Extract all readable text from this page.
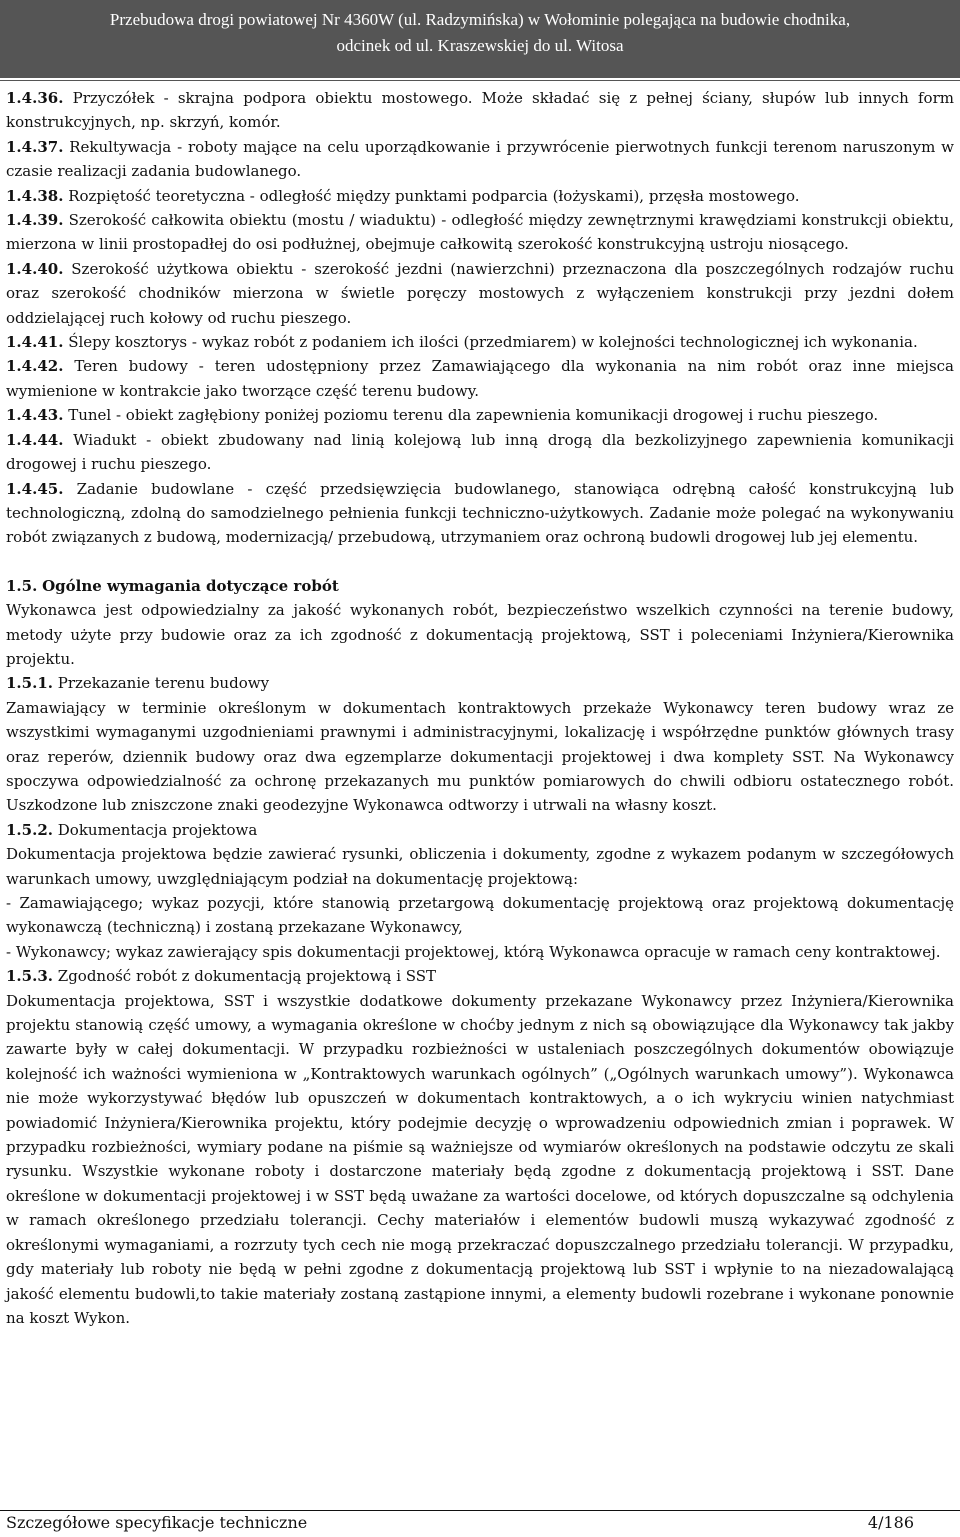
Przebudowa drogi powiatowej Nr 4360W (ul. Radzymińska) w Wołominie polegająca na budowie chodnika,
odcinek od ul. Kraszewskiej do ul. Witosa

1.4.36. Przyczółek - skrajna podpora obiektu mostowego. Może składać się z pełnej ściany, słupów lub innych form konstrukcyjnych, np. skrzyń, komór.

1.4.37. Rekultywacja - roboty mające na celu uporządkowanie i przywrócenie pierwotnych funkcji terenom naruszonym w czasie realizacji zadania budowlanego.

1.4.38. Rozpiętość teoretyczna - odległość między punktami podparcia (łożyskami), przęsła mostowego.

1.4.39. Szerokość całkowita obiektu (mostu / wiaduktu) - odległość między zewnętrznymi krawędziami konstrukcji obiektu, mierzona w linii prostopadłej do osi podłużnej, obejmuje całkowitą szerokość konstrukcyjną ustroju niosącego.

1.4.40. Szerokość użytkowa obiektu - szerokość jezdni (nawierzchni) przeznaczona dla poszczególnych rodzajów ruchu oraz szerokość chodników mierzona w świetle poręczy mostowych z wyłączeniem konstrukcji przy jezdni dołem oddzielającej ruch kołowy od ruchu pieszego.

1.4.41. Ślepy kosztorys - wykaz robót z podaniem ich ilości (przedmiarem) w kolejności technologicznej ich wykonania.

1.4.42. Teren budowy - teren udostępniony przez Zamawiającego dla wykonania na nim robót oraz inne miejsca wymienione w kontrakcie jako tworzące część terenu budowy.

1.4.43. Tunel - obiekt zagłębiony poniżej poziomu terenu dla zapewnienia komunikacji drogowej i ruchu pieszego.

1.4.44. Wiadukt - obiekt zbudowany nad linią kolejową lub inną drogą dla bezkolizyjnego zapewnienia komunikacji drogowej i ruchu pieszego.

1.4.45. Zadanie budowlane - część przedsięwzięcia budowlanego, stanowiąca odrębną całość konstrukcyjną lub technologiczną, zdolną do samodzielnego pełnienia funkcji techniczno-użytkowych. Zadanie może polegać na wykonywaniu robót związanych z budową, modernizacją/ przebudową, utrzymaniem oraz ochroną budowli drogowej lub jej elementu.

1.5. Ogólne wymagania dotyczące robót

Wykonawca jest odpowiedzialny za jakość wykonanych robót, bezpieczeństwo wszelkich czynności na terenie budowy, metody użyte przy budowie oraz za ich zgodność z dokumentacją projektową, SST i poleceniami Inżyniera/Kierownika projektu.

1.5.1. Przekazanie terenu budowy

Zamawiający w terminie określonym w dokumentach kontraktowych przekaże Wykonawcy teren budowy wraz ze wszystkimi wymaganymi uzgodnieniami prawnymi i administracyjnymi, lokalizację i współrzędne punktów głównych trasy oraz reperów, dziennik budowy oraz dwa egzemplarze dokumentacji projektowej i dwa komplety SST. Na Wykonawcy spoczywa odpowiedzialność za ochronę przekazanych mu punktów pomiarowych do chwili odbioru ostatecznego robót. Uszkodzone lub zniszczone znaki geodezyjne Wykonawca odtworzy i utrwali na własny koszt.

1.5.2. Dokumentacja projektowa

Dokumentacja projektowa będzie zawierać rysunki, obliczenia i dokumenty, zgodne z wykazem podanym w szczegółowych warunkach umowy, uwzględniającym podział na dokumentację projektową:

- Zamawiającego; wykaz pozycji, które stanowią przetargową dokumentację projektową oraz projektową dokumentację wykonawczą (techniczną) i zostaną przekazane Wykonawcy,

- Wykonawcy; wykaz zawierający spis dokumentacji projektowej, którą Wykonawca opracuje w ramach ceny kontraktowej.

1.5.3. Zgodność robót z dokumentacją projektową i SST

Dokumentacja projektowa, SST i wszystkie dodatkowe dokumenty przekazane Wykonawcy przez Inżyniera/Kierownika projektu stanowią część umowy, a wymagania określone w choćby jednym z nich są obowiązujące dla Wykonawcy tak jakby zawarte były w całej dokumentacji. W przypadku rozbieżności w ustaleniach poszczególnych dokumentów obowiązuje kolejność ich ważności wymieniona w „Kontraktowych warunkach ogólnych” („Ogólnych warunkach umowy”). Wykonawca nie może wykorzystywać błędów lub opuszczeń w dokumentach kontraktowych, a o ich wykryciu winien natychmiast powiadomić Inżyniera/Kierownika projektu, który podejmie decyzję o wprowadzeniu odpowiednich zmian i poprawek. W przypadku rozbieżności, wymiary podane na piśmie są ważniejsze od wymiarów określonych na podstawie odczytu ze skali rysunku. Wszystkie wykonane roboty i dostarczone materiały będą zgodne z dokumentacją projektową i SST. Dane określone w dokumentacji projektowej i w SST będą uważane za wartości docelowe, od których dopuszczalne są odchylenia w ramach określonego przedziału tolerancji. Cechy materiałów i elementów budowli muszą wykazywać zgodność z określonymi wymaganiami, a rozrzuty tych cech nie mogą przekraczać dopuszczalnego przedziału tolerancji. W przypadku, gdy materiały lub roboty nie będą w pełni zgodne z dokumentacją projektową lub SST i wpłynie to na niezadowalającą jakość elementu budowli,to takie materiały zostaną zastąpione innymi, a elementy budowli rozebrane i wykonane ponownie na koszt Wykon.

Szczegółowe specyfikacje techniczne	4/186
